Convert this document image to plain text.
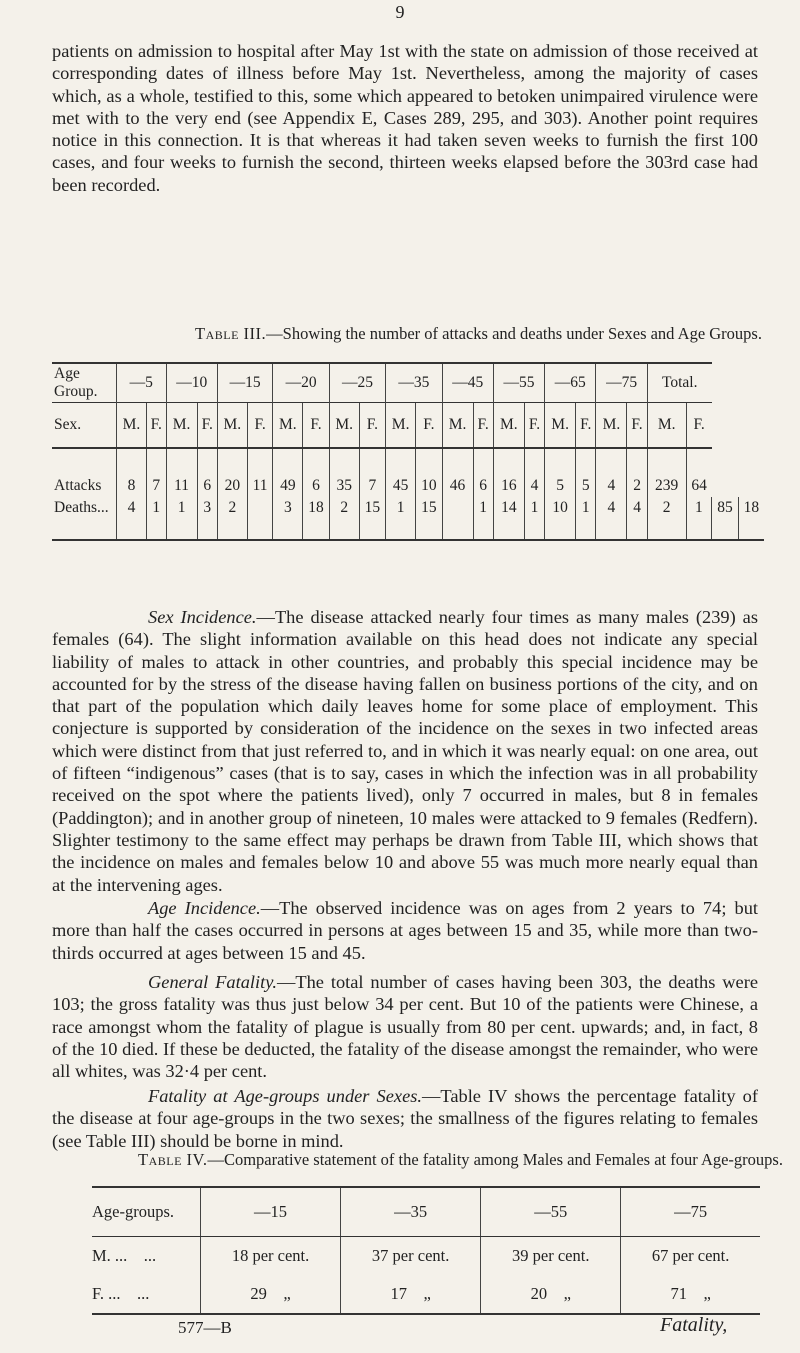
9

patients on admission to hospital after May 1st with the state on admission of those received at corresponding dates of illness before May 1st. Nevertheless, among the majority of cases which, as a whole, testified to this, some which appeared to betoken unimpaired virulence were met with to the very end (see Appendix E, Cases 289, 295, and 303). Another point requires notice in this connection. It is that whereas it had taken seven weeks to furnish the first 100 cases, and four weeks to furnish the second, thirteen weeks elapsed before the 303rd case had been recorded.

Table III.—Showing the number of attacks and deaths under Sexes and Age Groups.
Age Group.	—5		—10		—15		—20		—25		—35		—45		—55		—65		—75		Total.			
Sex.	M.	F.	M.	F.	M.	F.	M.	F.	M.	F.	M.	F.	M.	F.	M.	F.	M.	F.	M.	F.	M.	F.		
Attacks	8	7	11	6	20	11	49	6	35	7	45	10	46	6	16	4	5	5	4	2	239	64		
Deaths...	4	1	1	3	2		3	18	2	15	1	15		1	14	1	10	1	4	4	2	1	85	18

Sex Incidence.—The disease attacked nearly four times as many males (239) as females (64). The slight information available on this head does not indicate any special liability of males to attack in other countries, and probably this special incidence may be accounted for by the stress of the disease having fallen on business portions of the city, and on that part of the population which daily leaves home for some place of employment. This conjecture is supported by consideration of the incidence on the sexes in two infected areas which were distinct from that just referred to, and in which it was nearly equal: on one area, out of fifteen “indigenous” cases (that is to say, cases in which the infection was in all probability received on the spot where the patients lived), only 7 occurred in males, but 8 in females (Paddington); and in another group of nineteen, 10 males were attacked to 9 females (Redfern). Slighter testimony to the same effect may perhaps be drawn from Table III, which shows that the incidence on males and females below 10 and above 55 was much more nearly equal than at the intervening ages.

Age Incidence.—The observed incidence was on ages from 2 years to 74; but more than half the cases occurred in persons at ages between 15 and 35, while more than two-thirds occurred at ages between 15 and 45.

General Fatality.—The total number of cases having been 303, the deaths were 103; the gross fatality was thus just below 34 per cent. But 10 of the patients were Chinese, a race amongst whom the fatality of plague is usually from 80 per cent. upwards; and, in fact, 8 of the 10 died. If these be deducted, the fatality of the disease amongst the remainder, who were all whites, was 32·4 per cent.

Fatality at Age-groups under Sexes.—Table IV shows the percentage fatality of the disease at four age-groups in the two sexes; the smallness of the figures relating to females (see Table III) should be borne in mind.

Table IV.—Comparative statement of the fatality among Males and Females at four Age-groups.
Age-groups.	—15	—35	—55	—75
M. ...    ...	18 per cent.	37 per cent.	39 per cent.	67 per cent.
F. ...    ...	29    „	17    „	20    „	71    „
577—B	Fatality,
